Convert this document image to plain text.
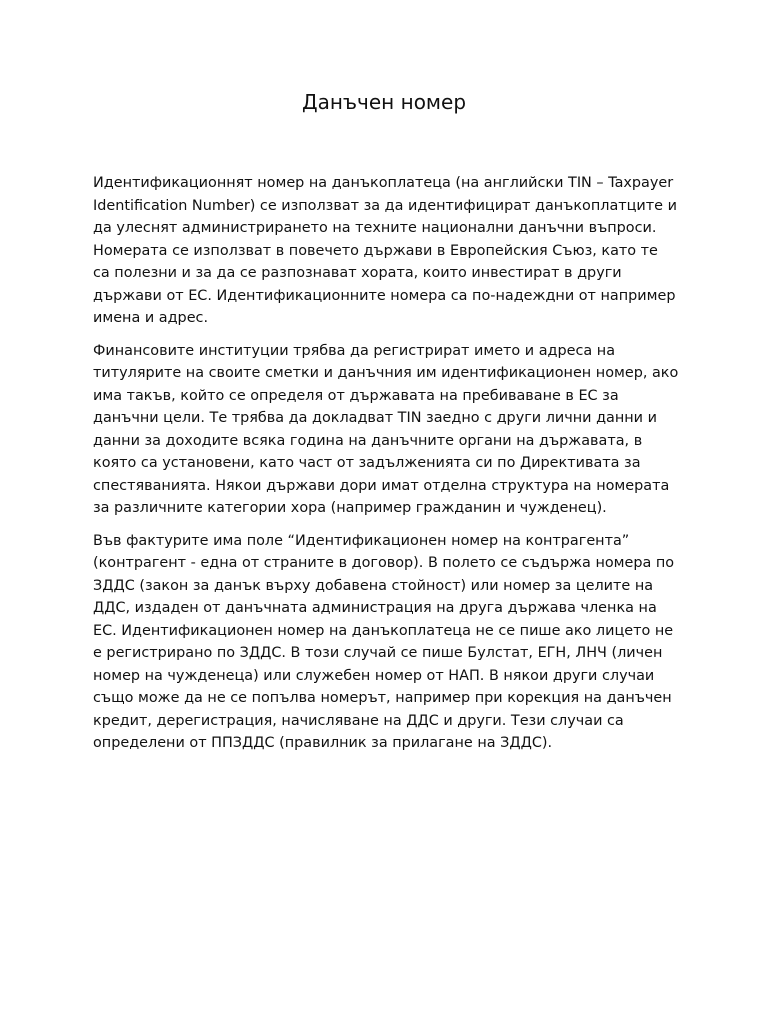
Данъчен номер

Идентификационнят номер на данъкоплатеца (на английски TIN – Taxpayer Identification Number) се използват за да идентифицират данъкоплатците и да улеснят администрирането на техните национални данъчни въпроси. Номерата се използват в повечето държави в Европейския Съюз, като те са полезни и за да се разпознават хората, които инвестират в други държави от ЕС. Идентификационните номера са по-надеждни от например имена и адрес.

Финансовите институции трябва да регистрират името и адреса на титулярите на своите сметки и данъчния им идентификационен номер, ако има такъв, който се определя от държавата на пребиваване в ЕС за данъчни цели. Те трябва да докладват TIN заедно с други лични данни и данни за доходите всяка година на данъчните органи на държавата, в която са установени, като част от задълженията си по Директивата за спестяванията. Някои държави дори имат отделна структура на номерата за различните категории хора (например гражданин и чужденец).

Във фактурите има поле “Идентификационен номер на контрагента” (контрагент - една от страните в договор). В полето се съдържа номера по ЗДДС (закон за данък върху добавена стойност) или номер за целите на ДДС, издаден от данъчната администрация на друга държава членка на ЕС. Идентификационен номер на данъкоплатеца не се пише ако лицето не е регистрирано по ЗДДС. В този случай се пише Булстат, ЕГН, ЛНЧ (личен номер на чужденеца) или служебен номер от НАП. В някои други случаи също може да не се попълва номерът, например при корекция на данъчен кредит, дерегистрация, начисляване на ДДС и други. Тези случаи са определени от ППЗДДС (правилник за прилагане на ЗДДС).
